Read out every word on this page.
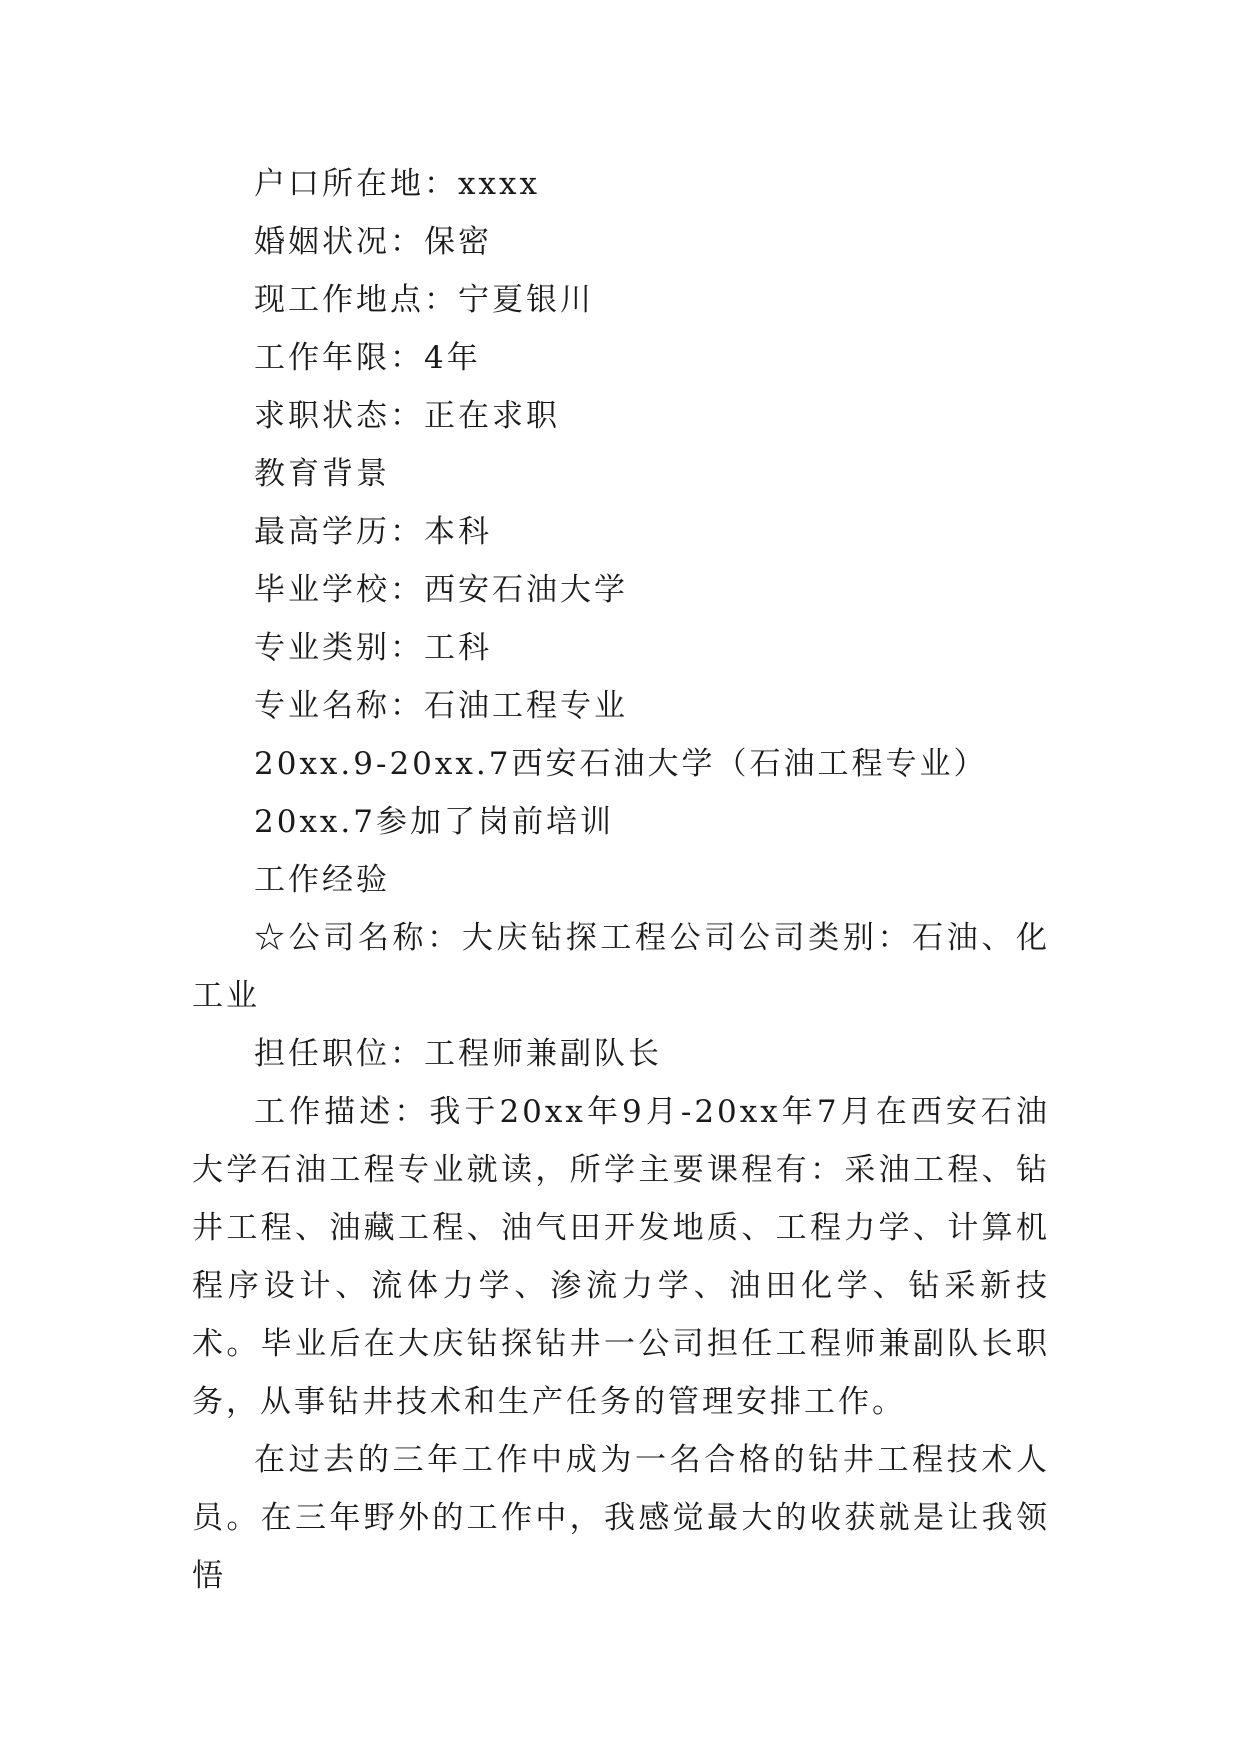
户口所在地：xxxx

婚姻状况：保密

现工作地点：宁夏银川

工作年限：4年

求职状态：正在求职

教育背景

最高学历：本科

毕业学校：西安石油大学

专业类别：工科

专业名称：石油工程专业

20xx.9-20xx.7西安石油大学（石油工程专业）

20xx.7参加了岗前培训

工作经验

☆公司名称：大庆钻探工程公司公司类别：石油、化工业

担任职位：工程师兼副队长

工作描述：我于20xx年9月-20xx年7月在西安石油大学石油工程专业就读，所学主要课程有：采油工程、钻井工程、油藏工程、油气田开发地质、工程力学、计算机程序设计、流体力学、渗流力学、油田化学、钻采新技术。毕业后在大庆钻探钻井一公司担任工程师兼副队长职务，从事钻井技术和生产任务的管理安排工作。

在过去的三年工作中成为一名合格的钻井工程技术人员。在三年野外的工作中，我感觉最大的收获就是让我领悟
